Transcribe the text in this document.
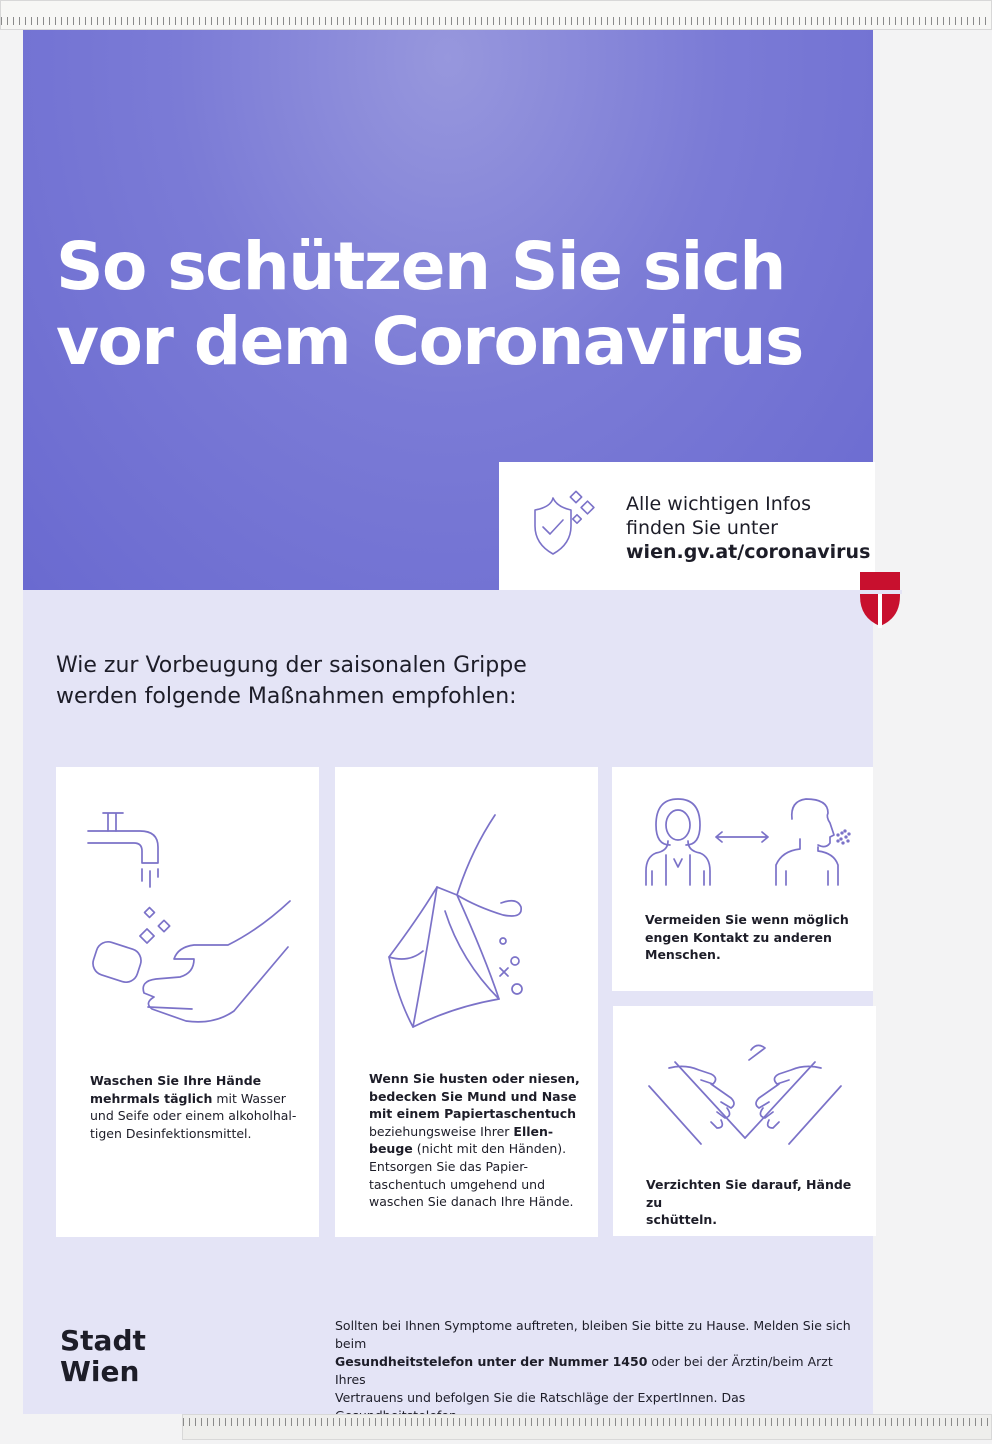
So schützen Sie sich
vor dem Coronavirus
Alle wichtigen Infos
finden Sie unter
wien.gv.at/coronavirus

Wie zur Vorbeugung der saisonalen Grippe
werden folgende Maßnahmen empfohlen:

Waschen Sie Ihre Hände
mehrmals täglich mit Wasser
und Seife oder einem alkoholhal-
tigen Desinfektionsmittel.
Wenn Sie husten oder niesen,
bedecken Sie Mund und Nase
mit einem Papiertaschentuch
beziehungsweise Ihrer Ellen-
beuge (nicht mit den Händen).
Entsorgen Sie das Papier-
taschentuch umgehend und
waschen Sie danach Ihre Hände.
Vermeiden Sie wenn möglich
engen Kontakt zu anderen
Menschen.
Verzichten Sie darauf, Hände zu
schütteln.

Stadt
Wien

Sollten bei Ihnen Symptome auftreten, bleiben Sie bitte zu Hause. Melden Sie sich beim
Gesundheitstelefon unter der Nummer 1450 oder bei der Ärztin/beim Arzt Ihres
Vertrauens und befolgen Sie die Ratschläge der ExpertInnen. Das
